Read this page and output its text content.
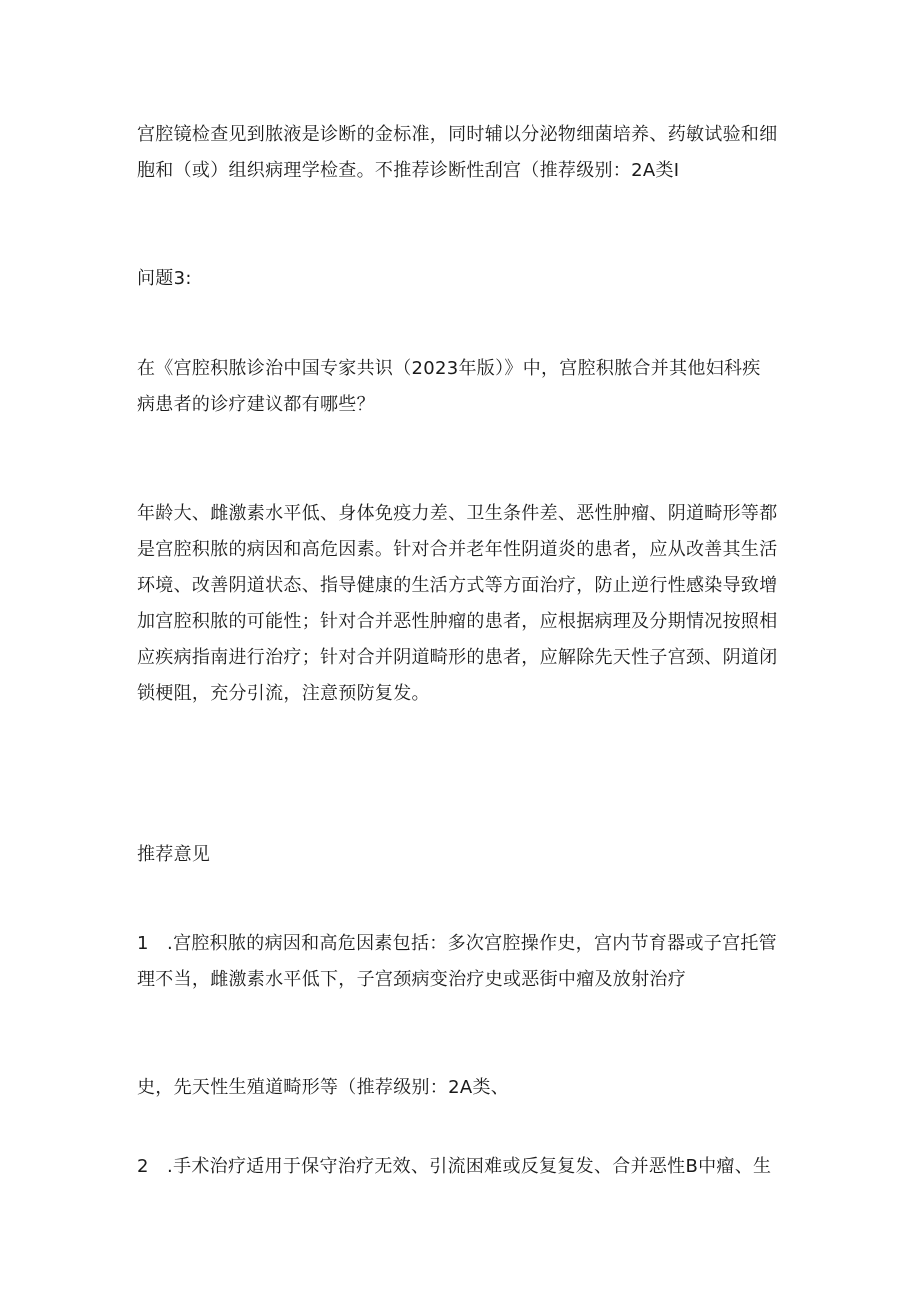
宫腔镜检查见到脓液是诊断的金标准，同时辅以分泌物细菌培养、药敏试验和细
胞和（或）组织病理学检查。不推荐诊断性刮宫（推荐级别：2A类I
问题3:
在《宫腔积脓诊治中国专家共识（2023年版）》中，宫腔积脓合并其他妇科疾
病患者的诊疗建议都有哪些？
年龄大、雌激素水平低、身体免疫力差、卫生条件差、恶性肿瘤、阴道畸形等都
是宫腔积脓的病因和高危因素。针对合并老年性阴道炎的患者，应从改善其生活
环境、改善阴道状态、指导健康的生活方式等方面治疗，防止逆行性感染导致增
加宫腔积脓的可能性；针对合并恶性肿瘤的患者，应根据病理及分期情况按照相
应疾病指南进行治疗；针对合并阴道畸形的患者，应解除先天性子宫颈、阴道闭
锁梗阻，充分引流，注意预防复发。
推荐意见
1　.宫腔积脓的病因和高危因素包括：多次宫腔操作史，宫内节育器或子宫托管
理不当，雌激素水平低下，子宫颈病变治疗史或恶街中瘤及放射治疗
史，先天性生殖道畸形等（推荐级别：2A类、
2　.手术治疗适用于保守治疗无效、引流困难或反复复发、合并恶性B中瘤、生
